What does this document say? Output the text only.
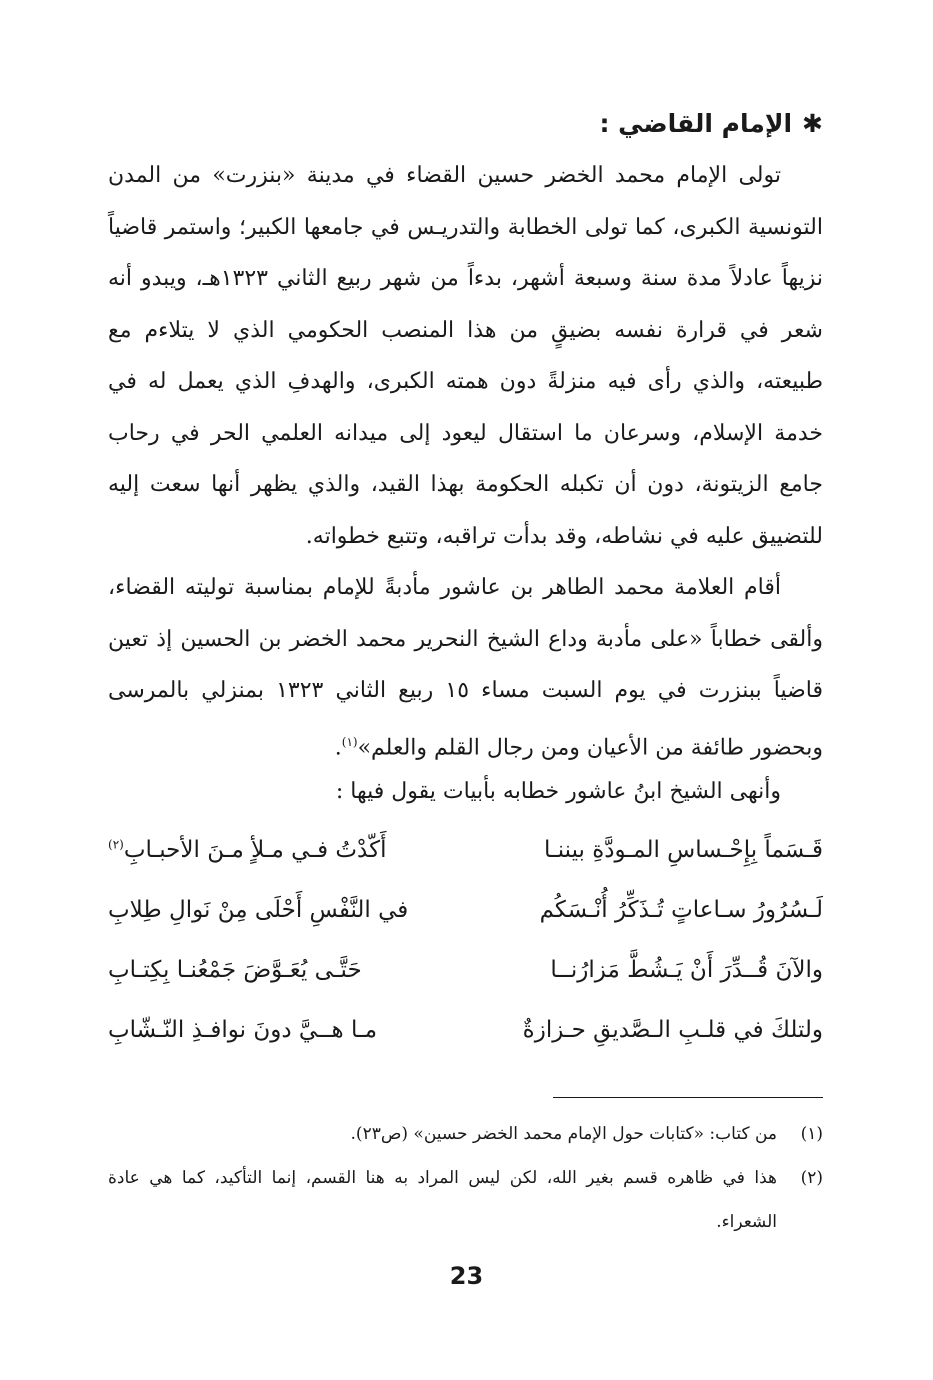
✱الإمام القاضي :

تولى الإمام محمد الخضر حسين القضاء في مدينة «بنزرت» من المدن التونسية الكبرى، كما تولى الخطابة والتدريـس في جامعها الكبير؛ واستمر قاضياً نزيهاً عادلاً مدة سنة وسبعة أشهر، بدءاً من شهر ربيع الثاني ١٣٢٣هـ، ويبدو أنه شعر في قرارة نفسه بضيقٍ من هذا المنصب الحكومي الذي لا يتلاءم مع طبيعته، والذي رأى فيه منزلةً دون همته الكبرى، والهدفِ الذي يعمل له في خدمة الإسلام، وسرعان ما استقال ليعود إلى ميدانه العلمي الحر في رحاب جامع الزيتونة، دون أن تكبله الحكومة بهذا القيد، والذي يظهر أنها سعت إليه للتضييق عليه في نشاطه، وقد بدأت تراقبه، وتتبع خطواته.

أقام العلامة محمد الطاهر بن عاشور مأدبةً للإمام بمناسبة توليته القضاء، وألقى خطاباً «على مأدبة وداع الشيخ النحرير محمد الخضر بن الحسين إذ تعين قاضياً ببنزرت في يوم السبت مساء ١٥ ربيع الثاني ١٣٢٣ بمنزلي بالمرسى وبحضور طائفة من الأعيان ومن رجال القلم والعلم»$^{(١)}$.

وأنهى الشيخ ابنُ عاشور خطابه بأبيات يقول فيها :

قَـسَماً بِإِحْـساسِ المـودَّةِ بيننـا
أَكّدْتُ فـي مـلأٍ مـنَ الأحبـابِ$^{(٢)}$
لَـسُرُورُ سـاعاتٍ تُـذَكِّرُ أُنْـسَكُم
في النَّفْسِ أَحْلَى مِنْ نَوالِ طِلابِ
والآنَ قُــدِّرَ أَنْ يَـشُطَّ مَزارُنــا
حَتَّـى يُعَـوَّضَ جَمْعُنـا بِكِتـابِ
ولتلكَ في قلـبِ الـصَّديقِ حـزازةٌ
مـا هــيَّ دونَ نوافـذِ النّـشّابِ
(١)
من كتاب: «كتابات حول الإمام محمد الخضر حسين» (ص٢٣).
(٢)
هذا في ظاهره قسم بغير الله، لكن ليس المراد به هنا القسم، إنما التأكيد، كما هي عادة الشعراء.
23
